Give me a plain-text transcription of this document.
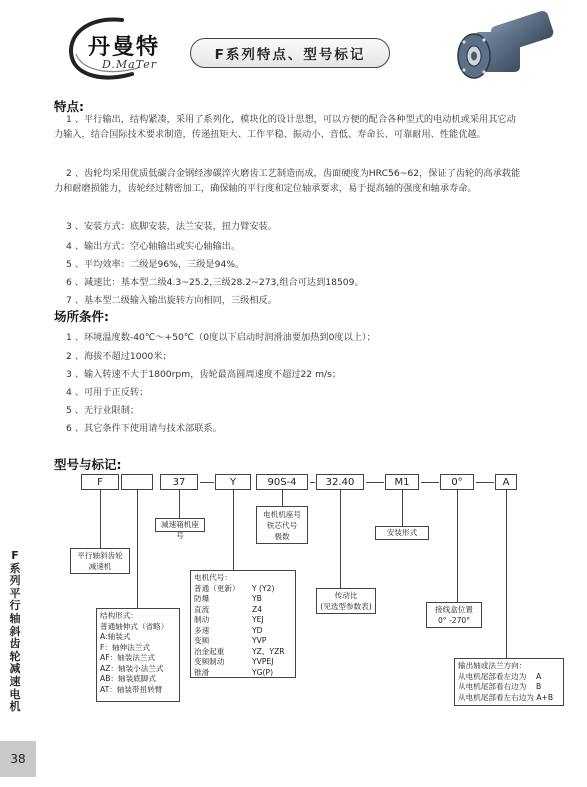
丹曼特
D.MaTer
F系列特点、型号标记
特点:
1 、平行输出，结构紧凑，采用了系列化，模块化的设计思想，可以方便的配合各种型式的电动机或采用其它动力输入，结合国际技术要求制造，传递扭矩大、工作平稳、振动小、音低、寿命长、可靠耐用、性能优越。
2 、齿轮均采用优质低碳合金钢经渗碳淬火磨齿工艺制造而成，齿面硬度为HRC56~62，保证了齿轮的高承载能力和耐磨损能力，齿轮经过精密加工，确保轴的平行度和定位轴承要求，易于提高轴的强度和轴承寿命。
3 、安装方式：底脚安装，法兰安装，扭力臂安装。
4 、输出方式：空心轴输出或实心轴输出。
5 、平均效率：二级是96%，三级是94%。
6 、减速比：基本型二级4.3~25.2,三级28.2~273,组合可达到18509。
7 、基本型二级输入输出旋转方向相同，三级相反。
场所条件:
1 、环境温度数-40℃～+50℃（0度以下启动时润滑油要加热到0度以上）；
2 、海拔不超过1000米；
3 、输入转速不大于1800rpm，齿轮最高圆周速度不超过22 m/s；
4 、可用于正反转；
5 、无行业限制；
6 、其它条件下使用请与技术部联系。
型号与标记:
F	37	Y	90S-4	32.40	M1	0°	A
平行轴斜齿轮减速机
减速箱机座号
电机机座号
铁芯代号
极数	安装形式
传动比
(见选型参数表)	接线盒位置
0° -270°
结构形式：
普通轴伸式（省略）
A:轴装式
F：轴伸法兰式
AF：轴装法兰式
AZ：轴装小法兰式
AB：轴装底脚式
AT：轴装带扭转臂
电机代号：
普通（更新）	Y (Y2)
防爆	YB
直流	Z4
制动	YEJ
多速	YD
变频	YVP
冶金起重	YZ、YZR
变频制动	YVPEJ
锥滑	YG(P)
输出轴或法兰方向：
从电机尾部看左边为    A
从电机尾部看右边为    B
从电机尾部看左右边为 A+B
F系列平行轴斜齿轮减速电机
38
